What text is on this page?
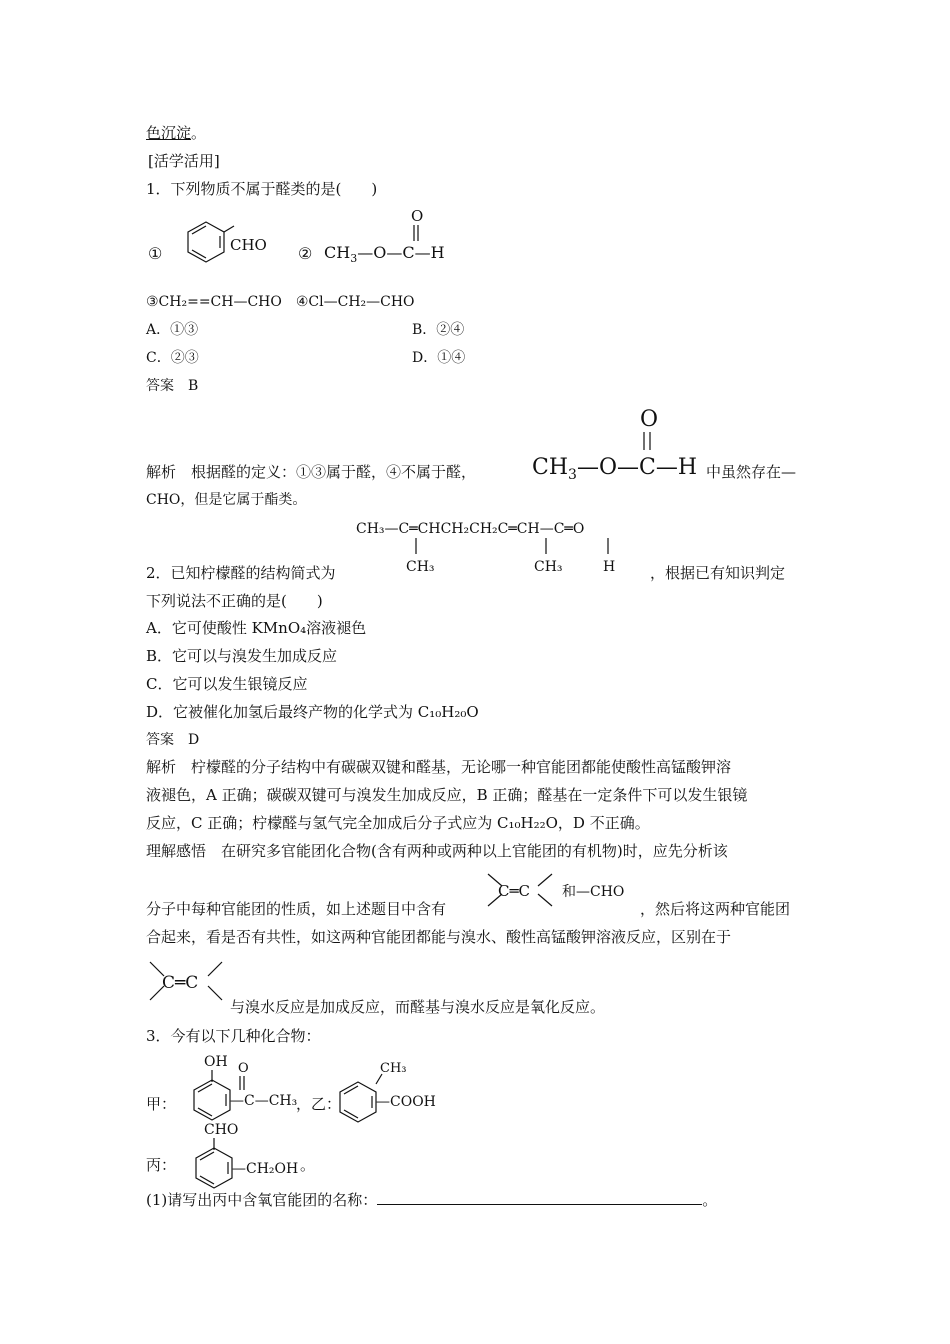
色沉淀。
[活学活用]
1．下列物质不属于醛类的是(　　)
①	CHO ②
O
$CH_3—O—C—H$
③CH₂==CH—CHO　④Cl—CH₂—CHO
A．①③	B．②④
C．②③	D．①④
答案　B
解析　根据醛的定义：①③属于醛，④不属于醛，
O
$CH_3—O—C—H$ 中虽然存在—
CHO，但是它属于酯类。
CH₃—C═CHCH₂CH₂C═CH—C═O
CH₃	CH₃	H
2．已知柠檬醛的结构简式为	，根据已有知识判定
下列说法不正确的是(　　)
A．它可使酸性 KMnO₄溶液褪色
B．它可以与溴发生加成反应
C．它可以发生银镜反应
D．它被催化加氢后最终产物的化学式为 C₁₀H₂₀O
答案　D
解析　柠檬醛的分子结构中有碳碳双键和醛基，无论哪一种官能团都能使酸性高锰酸钾溶
液褪色，A 正确；碳碳双键可与溴发生加成反应，B 正确；醛基在一定条件下可以发生银镜
反应，C 正确；柠檬醛与氢气完全加成后分子式应为 C₁₀H₂₂O，D 不正确。
理解感悟　在研究多官能团化合物(含有两种或两种以上官能团的有机物)时，应先分析该
分子中每种官能团的性质，如上述题目中含有
C═C 和—CHO
，然后将这两种官能团
合起来，看是否有共性，如这两种官能团都能与溴水、酸性高锰酸钾溶液反应，区别在于
C═C
与溴水反应是加成反应，而醛基与溴水反应是氧化反应。
3．今有以下几种化合物：
甲：
OH O
—C—CH₃
，乙：
CH₃
—COOH
丙：
CHO
—CH₂OH 。
(1)请写出丙中含氧官能团的名称：	。
